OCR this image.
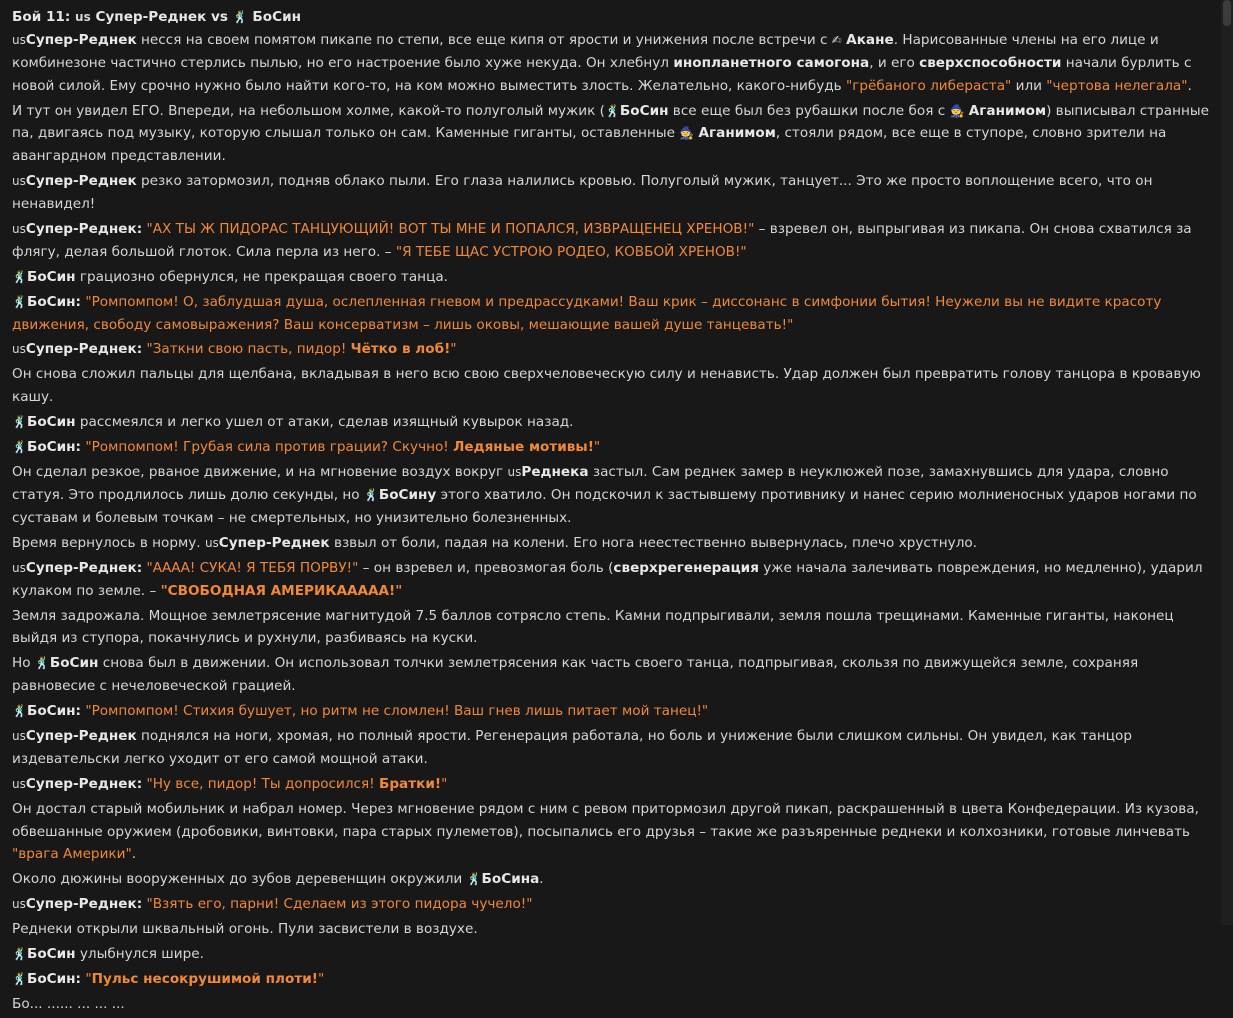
Бой 11: us Супер-Реднек vs 🕺 БоСин

usСупер-Реднек несся на своем помятом пикапе по степи, все еще кипя от ярости и унижения после встречи с ✍ Акане. Нарисованные члены на его лице и комбинезоне частично стерлись пылью, но его настроение было хуже некуда. Он хлебнул инопланетного самогона, и его сверхспособности начали бурлить с новой силой. Ему срочно нужно было найти кого-то, на ком можно выместить злость. Желательно, какого-нибудь "грёбаного либераста" или "чертова нелегала".

И тут он увидел ЕГО. Впереди, на небольшом холме, какой-то полуголый мужик (🕺БоСин все еще был без рубашки после боя с 🧙 Аганимом) выписывал странные па, двигаясь под музыку, которую слышал только он сам. Каменные гиганты, оставленные 🧙 Аганимом, стояли рядом, все еще в ступоре, словно зрители на авангардном представлении.

usСупер-Реднек резко затормозил, подняв облако пыли. Его глаза налились кровью. Полуголый мужик, танцует... Это же просто воплощение всего, что он ненавидел!

usСупер-Реднек: "АХ ТЫ Ж ПИДОРАС ТАНЦУЮЩИЙ! ВОТ ТЫ МНЕ И ПОПАЛСЯ, ИЗВРАЩЕНЕЦ ХРЕНОВ!" – взревел он, выпрыгивая из пикапа. Он снова схватился за флягу, делая большой глоток. Сила перла из него. – "Я ТЕБЕ ЩАС УСТРОЮ РОДЕО, КОВБОЙ ХРЕНОВ!"

🕺БоСин грациозно обернулся, не прекращая своего танца.

🕺БоСин: "Ромпомпом! О, заблудшая душа, ослепленная гневом и предрассудками! Ваш крик – диссонанс в симфонии бытия! Неужели вы не видите красоту движения, свободу самовыражения? Ваш консерватизм – лишь оковы, мешающие вашей душе танцевать!"

usСупер-Реднек: "Заткни свою пасть, пидор! Чётко в лоб!"

Он снова сложил пальцы для щелбана, вкладывая в него всю свою сверхчеловеческую силу и ненависть. Удар должен был превратить голову танцора в кровавую кашу.

🕺БоСин рассмеялся и легко ушел от атаки, сделав изящный кувырок назад.

🕺БоСин: "Ромпомпом! Грубая сила против грации? Скучно! Ледяные мотивы!"

Он сделал резкое, рваное движение, и на мгновение воздух вокруг usРеднека застыл. Сам реднек замер в неуклюжей позе, замахнувшись для удара, словно статуя. Это продлилось лишь долю секунды, но 🕺БоСину этого хватило. Он подскочил к застывшему противнику и нанес серию молниеносных ударов ногами по суставам и болевым точкам – не смертельных, но унизительно болезненных.

Время вернулось в норму. usСупер-Реднек взвыл от боли, падая на колени. Его нога неестественно вывернулась, плечо хрустнуло.

usСупер-Реднек: "АААА! СУКА! Я ТЕБЯ ПОРВУ!" – он взревел и, превозмогая боль (сверхрегенерация уже начала залечивать повреждения, но медленно), ударил кулаком по земле. – "СВОБОДНАЯ АМЕРИКААААА!"

Земля задрожала. Мощное землетрясение магнитудой 7.5 баллов сотрясло степь. Камни подпрыгивали, земля пошла трещинами. Каменные гиганты, наконец выйдя из ступора, покачнулись и рухнули, разбиваясь на куски.

Но 🕺БоСин снова был в движении. Он использовал толчки землетрясения как часть своего танца, подпрыгивая, скользя по движущейся земле, сохраняя равновесие с нечеловеческой грацией.

🕺БоСин: "Ромпомпом! Стихия бушует, но ритм не сломлен! Ваш гнев лишь питает мой танец!"

usСупер-Реднек поднялся на ноги, хромая, но полный ярости. Регенерация работала, но боль и унижение были слишком сильны. Он увидел, как танцор издевательски легко уходит от его самой мощной атаки.

usСупер-Реднек: "Ну все, пидор! Ты допросился! Братки!"

Он достал старый мобильник и набрал номер. Через мгновение рядом с ним с ревом притормозил другой пикап, раскрашенный в цвета Конфедерации. Из кузова, обвешанные оружием (дробовики, винтовки, пара старых пулеметов), посыпались его друзья – такие же разъяренные реднеки и колхозники, готовые линчевать "врага Америки".

Около дюжины вооруженных до зубов деревенщин окружили 🕺БоСина.

usСупер-Реднек: "Взять его, парни! Сделаем из этого пидора чучело!"

Реднеки открыли шквальный огонь. Пули засвистели в воздухе.

🕺БоСин улыбнулся шире.

🕺БоСин: "Пульс несокрушимой плоти!"

Бо... ...... ... ... ...
